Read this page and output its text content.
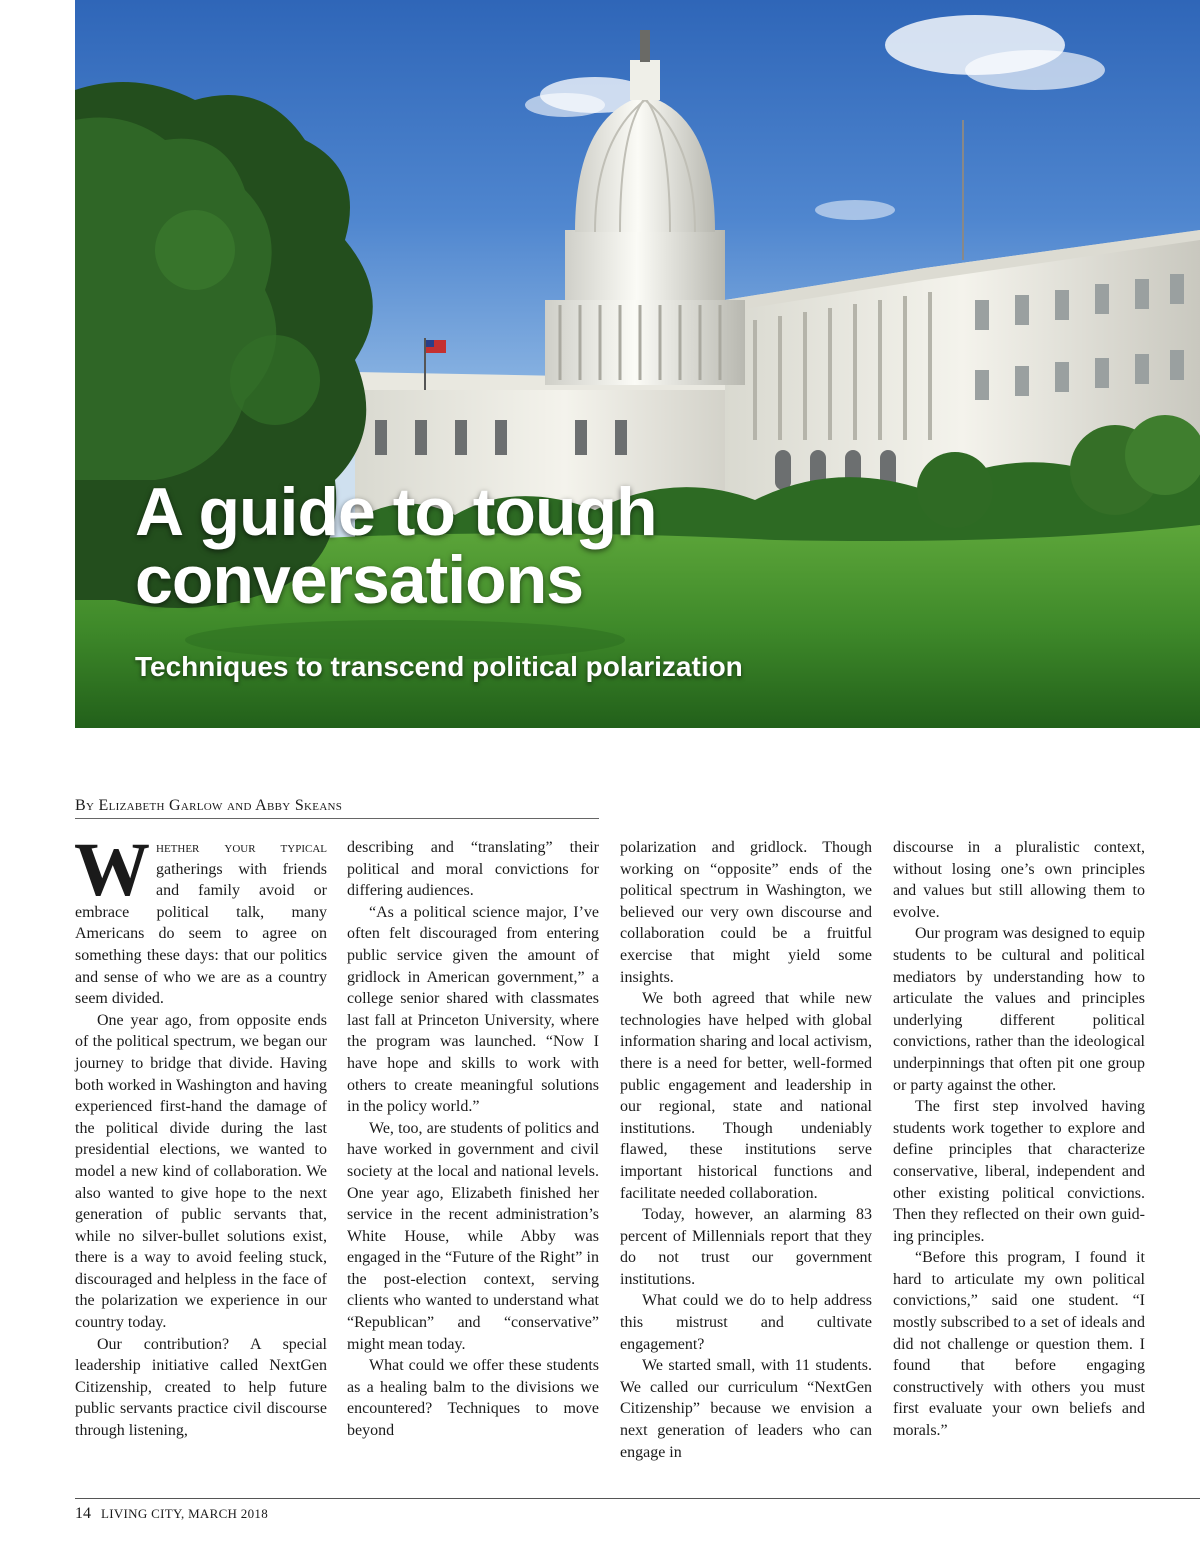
A guide to tough
conversations
Techniques to transcend political polarization
By Elizabeth Garlow and Abby Skeans

Whether your typical gatherings with friends and family avoid or embrace political talk, many Americans do seem to agree on something these days: that our politics and sense of who we are as a country seem divided.

One year ago, from opposite ends of the political spectrum, we began our journey to bridge that divide. Having both worked in Washington and having experienced first-hand the damage of the political divide during the last presidential elections, we wanted to model a new kind of collaboration. We also wanted to give hope to the next generation of public servants that, while no silver-bullet solutions exist, there is a way to avoid feeling stuck, discouraged and helpless in the face of the polarization we experience in our country today.

Our contribution? A special leadership initiative called NextGen Citizenship, created to help future public servants practice civil discourse through listening,

describing and “translating” their political and moral convictions for differing audiences.

“As a political science major, I’ve often felt discouraged from entering public service given the amount of gridlock in American government,” a college senior shared with classmates last fall at Princeton University, where the program was launched. “Now I have hope and skills to work with others to create meaningful solutions in the policy world.”

We, too, are students of politics and have worked in government and civil society at the local and national levels. One year ago, Elizabeth finished her service in the recent administration’s White House, while Abby was engaged in the “Future of the Right” in the post-election context, serving clients who wanted to understand what “Republican” and “conservative” might mean today.

What could we offer these students as a healing balm to the divisions we encountered? Techniques to move beyond

polarization and gridlock. Though working on “opposite” ends of the political spectrum in Washington, we believed our very own discourse and collaboration could be a fruitful exercise that might yield some insights.

We both agreed that while new technologies have helped with global information sharing and local activism, there is a need for better, well-formed public engagement and leadership in our regional, state and national institutions. Though undeniably flawed, these institutions serve important historical functions and facilitate needed collaboration.

Today, however, an alarming 83 percent of Millennials report that they do not trust our government institutions.

What could we do to help address this mistrust and cultivate engagement?

We started small, with 11 students. We called our curriculum “NextGen Citizenship” because we envision a next generation of leaders who can engage in

discourse in a pluralistic context, without losing one’s own principles and values but still allowing them to evolve.

Our program was designed to equip students to be cultural and political mediators by understanding how to articulate the values and principles underlying different political convictions, rather than the ideological underpinnings that often pit one group or party against the other.

The first step involved having students work together to explore and define principles that characterize conservative, liberal, independent and other existing political convictions. Then they reflected on their own guiding principles.

“Before this program, I found it hard to articulate my own political convictions,” said one student. “I mostly subscribed to a set of ideals and did not challenge or question them. I found that before engaging constructively with others you must first evaluate your own beliefs and morals.”

14 LIVING CITY, MARCH 2018
